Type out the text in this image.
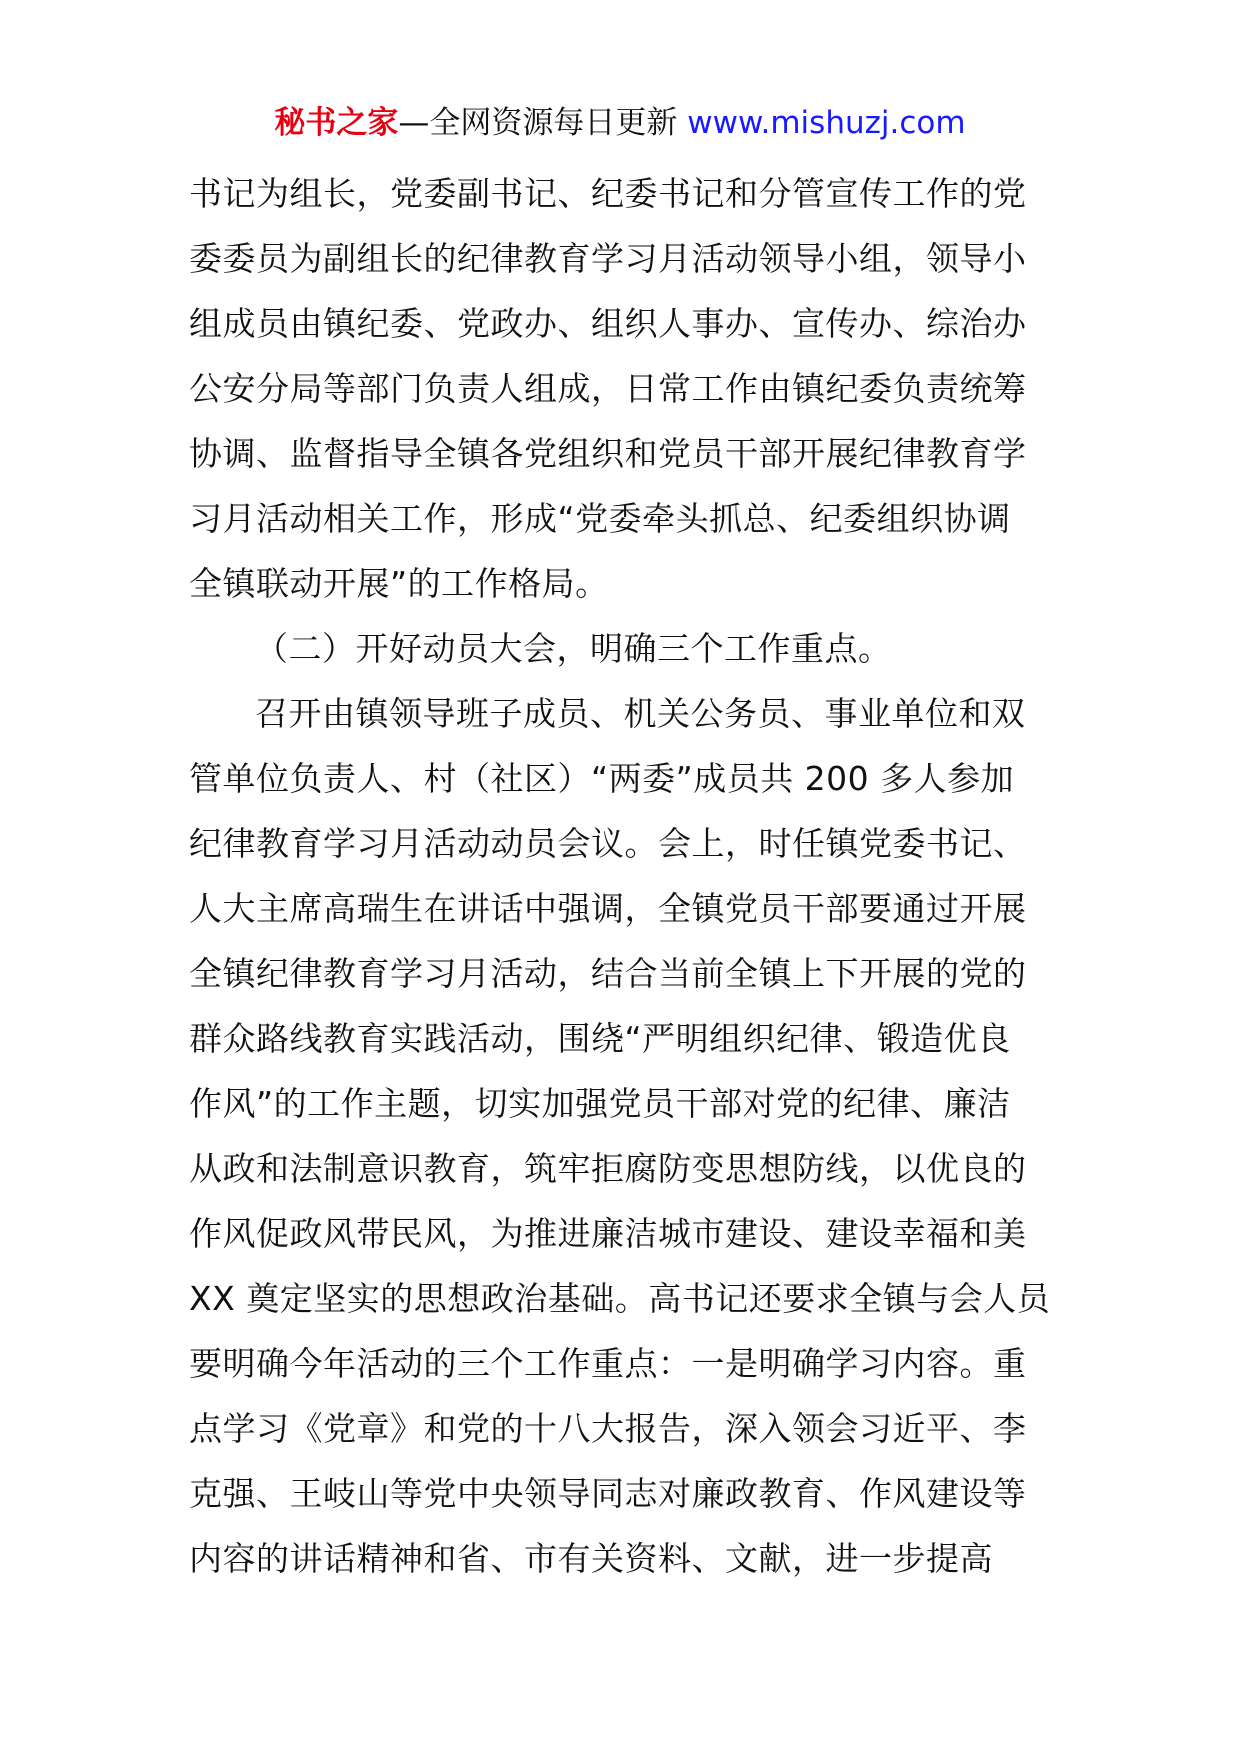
秘书之家—全网资源每日更新 www.mishuzj.com
书记为组长，党委副书记、纪委书记和分管宣传工作的党
委委员为副组长的纪律教育学习月活动领导小组，领导小
组成员由镇纪委、党政办、组织人事办、宣传办、综治办
公安分局等部门负责人组成，日常工作由镇纪委负责统筹
协调、监督指导全镇各党组织和党员干部开展纪律教育学
习月活动相关工作，形成“党委牵头抓总、纪委组织协调
全镇联动开展”的工作格局。
（二）开好动员大会，明确三个工作重点。
召开由镇领导班子成员、机关公务员、事业单位和双
管单位负责人、村（社区）“两委”成员共 200 多人参加
纪律教育学习月活动动员会议。会上，时任镇党委书记、
人大主席高瑞生在讲话中强调，全镇党员干部要通过开展
全镇纪律教育学习月活动，结合当前全镇上下开展的党的
群众路线教育实践活动，围绕“严明组织纪律、锻造优良
作风”的工作主题，切实加强党员干部对党的纪律、廉洁
从政和法制意识教育，筑牢拒腐防变思想防线，以优良的
作风促政风带民风，为推进廉洁城市建设、建设幸福和美
XX 奠定坚实的思想政治基础。高书记还要求全镇与会人员
要明确今年活动的三个工作重点：一是明确学习内容。重
点学习《党章》和党的十八大报告，深入领会习近平、李
克强、王岐山等党中央领导同志对廉政教育、作风建设等
内容的讲话精神和省、市有关资料、文献，进一步提高
